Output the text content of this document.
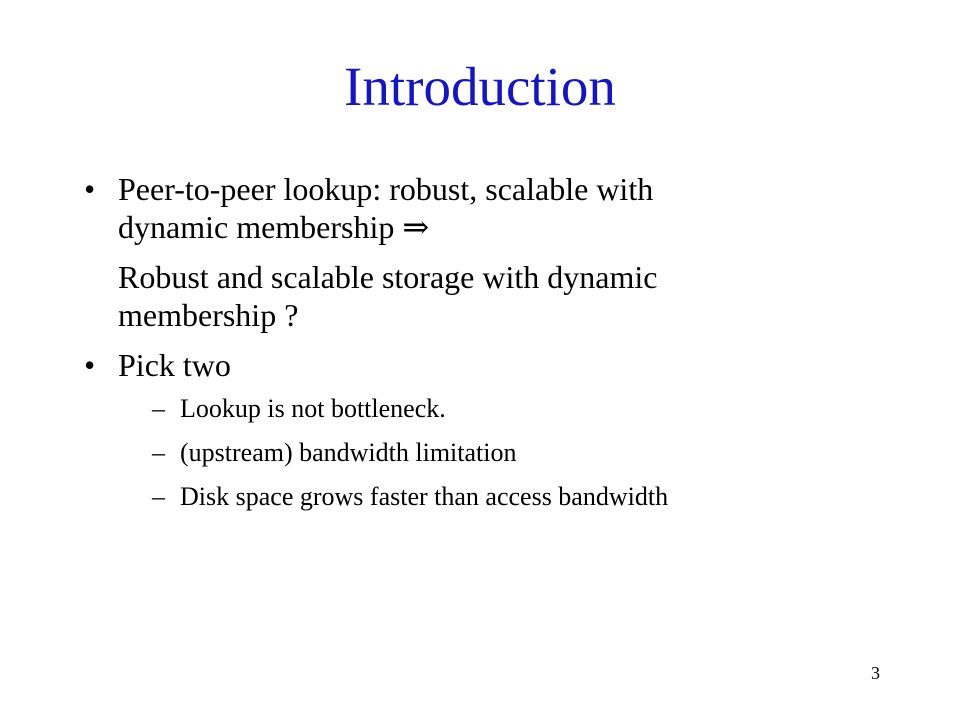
Introduction
• Peer-to-peer lookup: robust, scalable with
dynamic membership ⇒
Robust and scalable storage with dynamic
membership ?
• Pick two
– Lookup is not bottleneck.
– (upstream) bandwidth limitation
– Disk space grows faster than access bandwidth
3
